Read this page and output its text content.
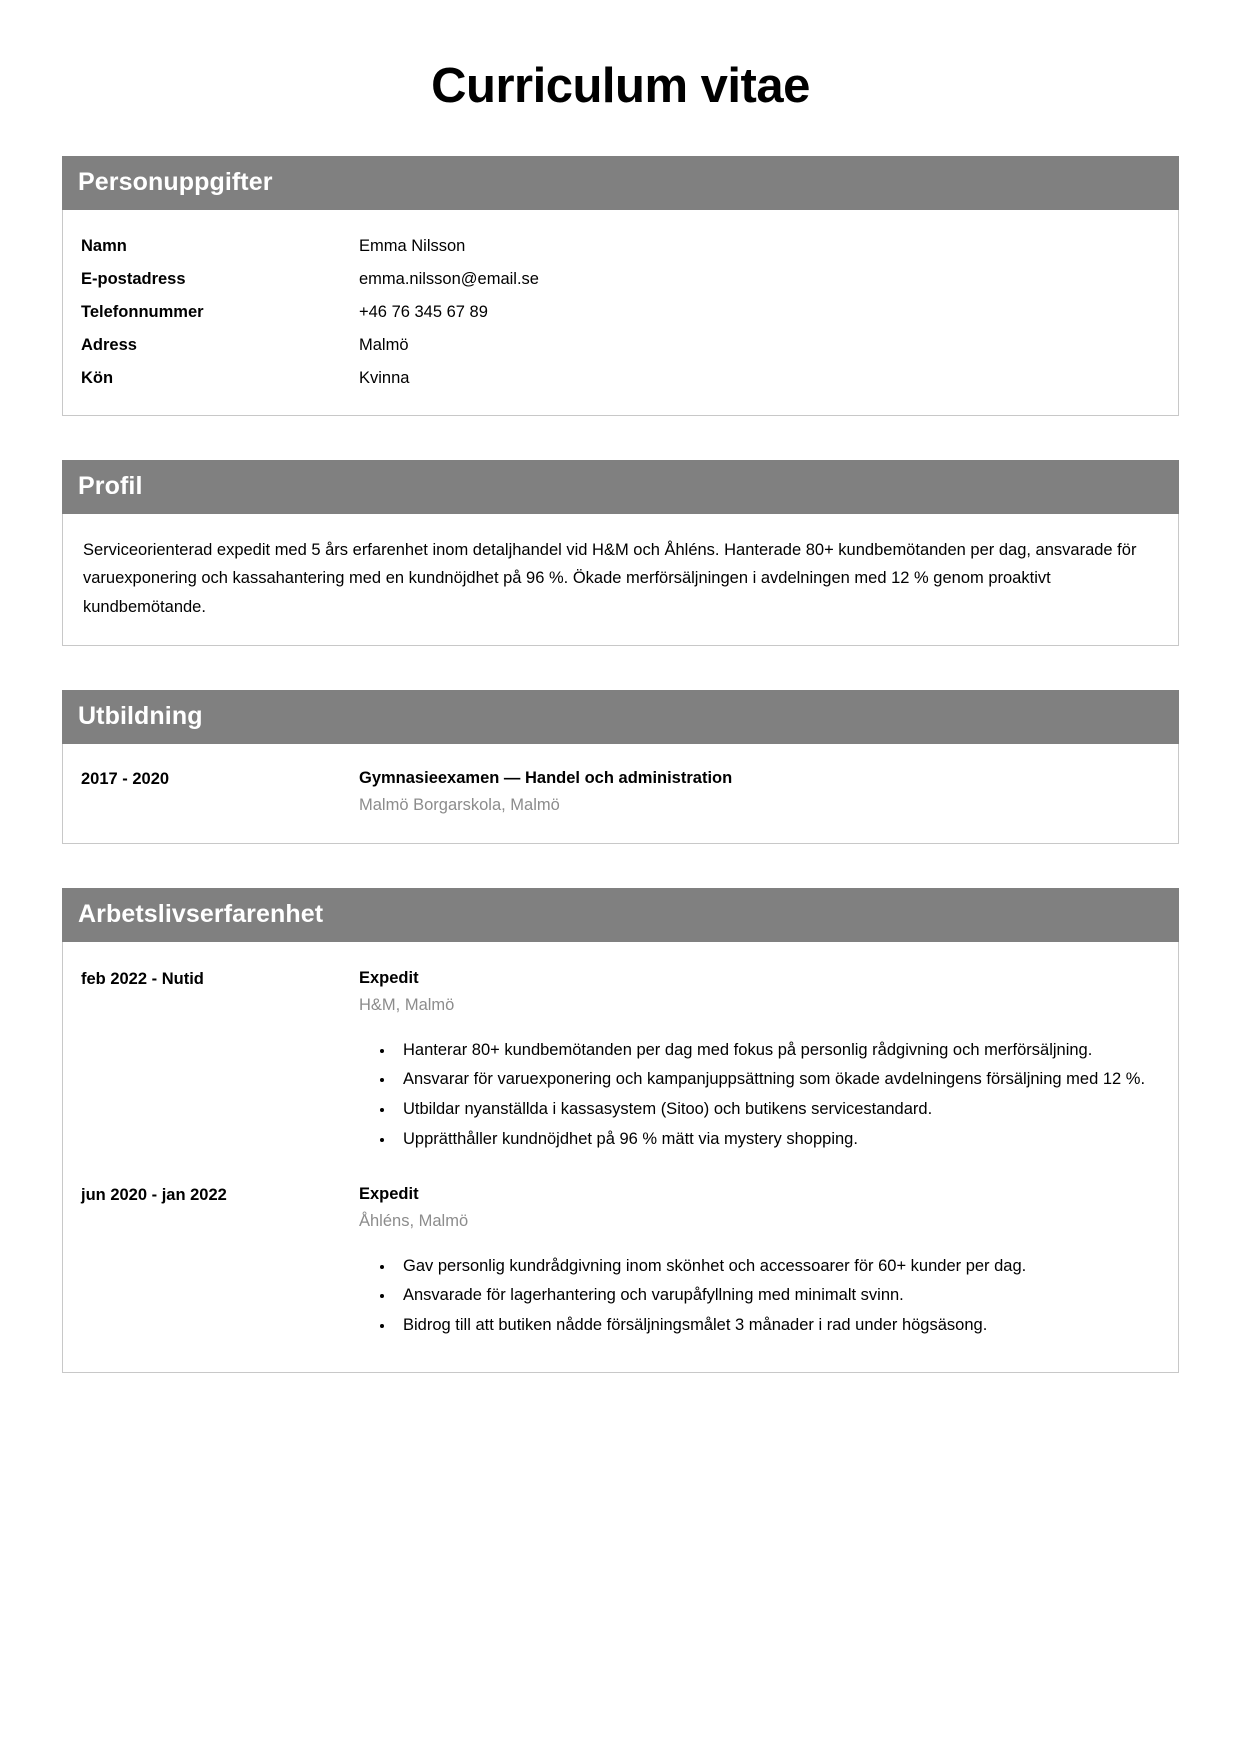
Curriculum vitae
Personuppgifter
Namn	Emma Nilsson
E-postadress	emma.nilsson@email.se
Telefonnummer	+46 76 345 67 89
Adress	Malmö
Kön	Kvinna
Profil

Serviceorienterad expedit med 5 års erfarenhet inom detaljhandel vid H&M och Åhléns. Hanterade 80+ kundbemötanden per dag, ansvarade för varuexponering och kassahantering med en kundnöjdhet på 96 %. Ökade merförsäljningen i avdelningen med 12 % genom proaktivt kundbemötande.

Utbildning
2017 - 2020	Gymnasieexamen — Handel och administration
Malmö Borgarskola, Malmö
Arbetslivserfarenhet
feb 2022 - Nutid	Expedit
H&M, Malmö
• Hanterar 80+ kundbemötanden per dag med fokus på personlig rådgivning och merförsäljning.
• Ansvarar för varuexponering och kampanjuppsättning som ökade avdelningens försäljning med 12 %.
• Utbildar nyanställda i kassasystem (Sitoo) och butikens servicestandard.
• Upprätthåller kundnöjdhet på 96 % mätt via mystery shopping.
jun 2020 - jan 2022	Expedit
Åhléns, Malmö
• Gav personlig kundrådgivning inom skönhet och accessoarer för 60+ kunder per dag.
• Ansvarade för lagerhantering och varupåfyllning med minimalt svinn.
• Bidrog till att butiken nådde försäljningsmålet 3 månader i rad under högsäsong.
